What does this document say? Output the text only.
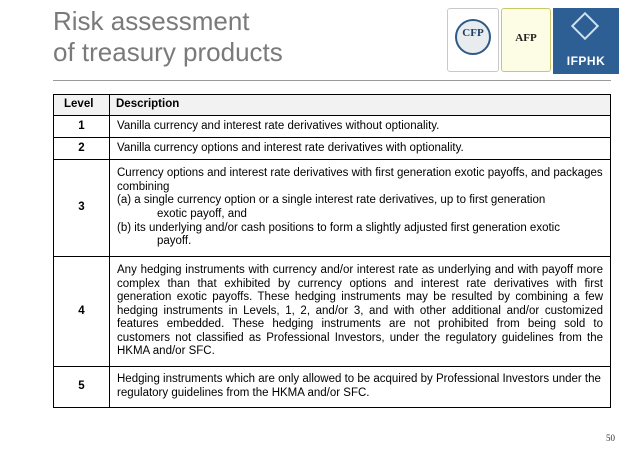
Risk assessment
of treasury products
CFP	AFP
IFPHK
Level	Description
1	Vanilla currency and interest rate derivatives without optionality.
2	Vanilla currency options and interest rate derivatives with optionality.
3	Currency options and interest rate derivatives with first generation exotic payoffs, and packages combining
(a) a single currency option or a single interest rate derivatives, up to first generation
exotic payoff, and
(b) its underlying and/or cash positions to form a slightly adjusted first generation exotic
payoff.

4	Any hedging instruments with currency and/or interest rate as underlying and with payoff more complex than that exhibited by currency options and interest rate derivatives with first generation exotic payoffs. These hedging instruments may be resulted by combining a few hedging instruments in Levels, 1, 2, and/or 3, and with other additional and/or customized features embedded. These hedging instruments are not prohibited from being sold to customers not classified as Professional Investors, under the regulatory guidelines from the HKMA and/or SFC.
5	Hedging instruments which are only allowed to be acquired by Professional Investors under the regulatory guidelines from the HKMA and/or SFC.
50
